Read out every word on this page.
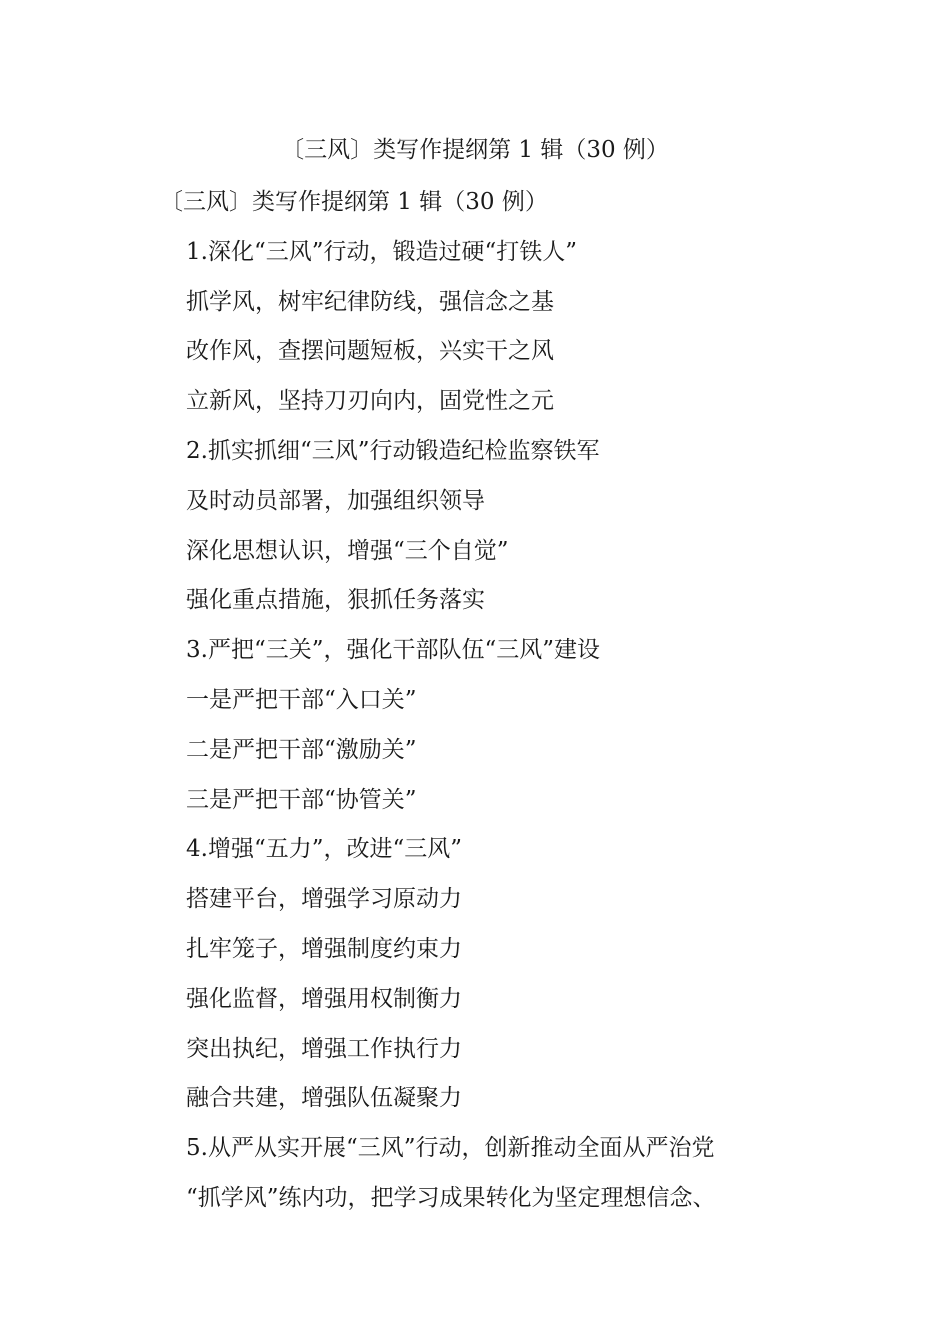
〔三风〕类写作提纲第 1 辑（30 例）
〔三风〕类写作提纲第 1 辑（30 例）
1.深化“三风”行动，锻造过硬“打铁人”
抓学风，树牢纪律防线，强信念之基
改作风，查摆问题短板，兴实干之风
立新风，坚持刀刃向内，固党性之元
2.抓实抓细“三风”行动锻造纪检监察铁军
及时动员部署，加强组织领导
深化思想认识，增强“三个自觉”
强化重点措施，狠抓任务落实
3.严把“三关”，强化干部队伍“三风”建设
一是严把干部“入口关”
二是严把干部“激励关”
三是严把干部“协管关”
4.增强“五力”，改进“三风”
搭建平台，增强学习原动力
扎牢笼子，增强制度约束力
强化监督，增强用权制衡力
突出执纪，增强工作执行力
融合共建，增强队伍凝聚力
5.从严从实开展“三风”行动，创新推动全面从严治党
“抓学风”练内功，把学习成果转化为坚定理想信念、
